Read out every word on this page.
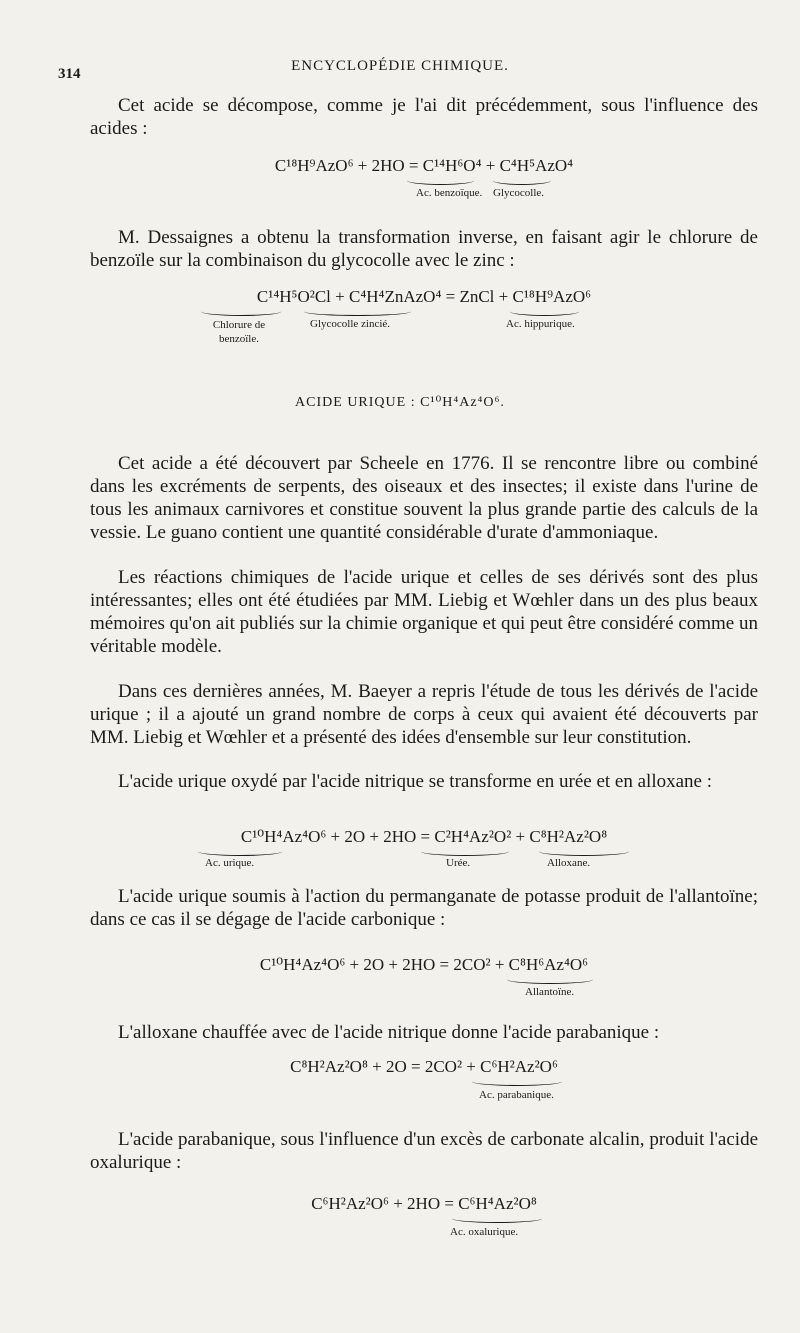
314	ENCYCLOPÉDIE CHIMIQUE.

Cet acide se décompose, comme je l'ai dit précédemment, sous l'influence des acides :

C¹⁸H⁹AzO⁶ + 2HO = C¹⁴H⁶O⁴ + C⁴H⁵AzO⁴
Ac. benzoïque. Glycocolle.

M. Dessaignes a obtenu la transformation inverse, en faisant agir le chlorure de benzoïle sur la combinaison du glycocolle avec le zinc :

C¹⁴H⁵O²Cl + C⁴H⁴ZnAzO⁴ = ZnCl + C¹⁸H⁹AzO⁶
Chlorure de benzoïle.
Glycocolle zincié.	Ac. hippurique.
ACIDE URIQUE : C¹⁰H⁴Az⁴O⁶.

Cet acide a été découvert par Scheele en 1776. Il se rencontre libre ou combiné dans les excréments de serpents, des oiseaux et des insectes; il existe dans l'urine de tous les animaux carnivores et constitue souvent la plus grande partie des calculs de la vessie. Le guano contient une quantité considérable d'urate d'ammoniaque.

Les réactions chimiques de l'acide urique et celles de ses dérivés sont des plus intéressantes; elles ont été étudiées par MM. Liebig et Wœhler dans un des plus beaux mémoires qu'on ait publiés sur la chimie organique et qui peut être considéré comme un véritable modèle.

Dans ces dernières années, M. Baeyer a repris l'étude de tous les dérivés de l'acide urique ; il a ajouté un grand nombre de corps à ceux qui avaient été découverts par MM. Liebig et Wœhler et a présenté des idées d'ensemble sur leur constitution.

L'acide urique oxydé par l'acide nitrique se transforme en urée et en alloxane :

C¹⁰H⁴Az⁴O⁶ + 2O + 2HO = C²H⁴Az²O² + C⁸H²Az²O⁸
Ac. urique.	Urée.	Alloxane.

L'acide urique soumis à l'action du permanganate de potasse produit de l'allantoïne; dans ce cas il se dégage de l'acide carbonique :

C¹⁰H⁴Az⁴O⁶ + 2O + 2HO = 2CO² + C⁸H⁶Az⁴O⁶
Allantoïne.

L'alloxane chauffée avec de l'acide nitrique donne l'acide parabanique :

C⁸H²Az²O⁸ + 2O = 2CO² + C⁶H²Az²O⁶
Ac. parabanique.

L'acide parabanique, sous l'influence d'un excès de carbonate alcalin, produit l'acide oxalurique :

C⁶H²Az²O⁶ + 2HO = C⁶H⁴Az²O⁸
Ac. oxalurique.
